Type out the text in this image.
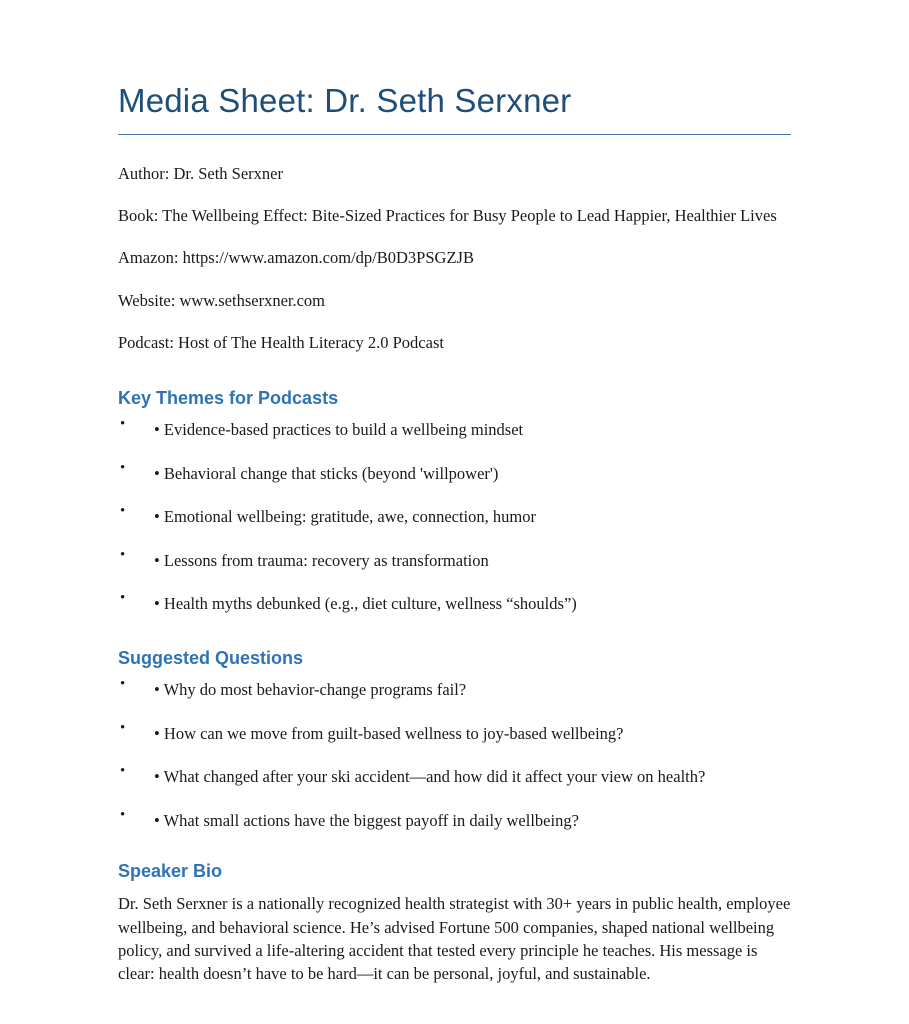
Media Sheet: Dr. Seth Serxner

Author: Dr. Seth Serxner

Book: The Wellbeing Effect: Bite-Sized Practices for Busy People to Lead Happier, Healthier Lives

Amazon: https://www.amazon.com/dp/B0D3PSGZJB

Website: www.sethserxner.com

Podcast: Host of The Health Literacy 2.0 Podcast

Key Themes for Podcasts
• • Evidence-based practices to build a wellbeing mindset
• • Behavioral change that sticks (beyond 'willpower')
• • Emotional wellbeing: gratitude, awe, connection, humor
• • Lessons from trauma: recovery as transformation
• • Health myths debunked (e.g., diet culture, wellness “shoulds”)
Suggested Questions
• • Why do most behavior-change programs fail?
• • How can we move from guilt-based wellness to joy-based wellbeing?
• • What changed after your ski accident—and how did it affect your view on health?
• • What small actions have the biggest payoff in daily wellbeing?
Speaker Bio

Dr. Seth Serxner is a nationally recognized health strategist with 30+ years in public health, employee wellbeing, and behavioral science. He’s advised Fortune 500 companies, shaped national wellbeing policy, and survived a life-altering accident that tested every principle he teaches. His message is clear: health doesn’t have to be hard—it can be personal, joyful, and sustainable.
